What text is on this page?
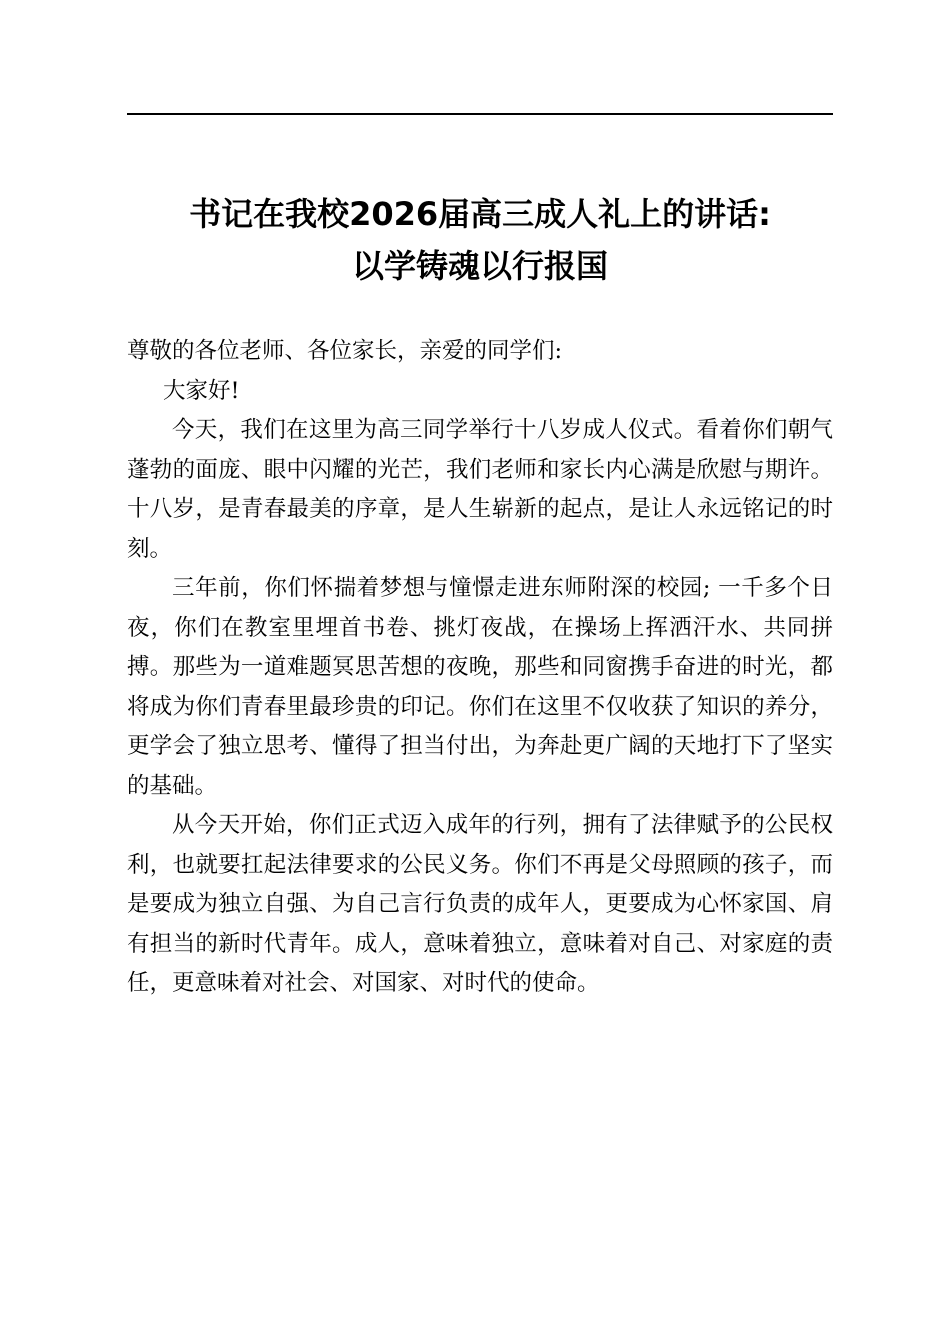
书记在我校2026届高三成人礼上的讲话:
以学铸魂以行报国

尊敬的各位老师、各位家长，亲爱的同学们:

大家好!

今天，我们在这里为高三同学举行十八岁成人仪式。看着你们朝气蓬勃的面庞、眼中闪耀的光芒，我们老师和家长内心满是欣慰与期许。十八岁，是青春最美的序章，是人生崭新的起点，是让人永远铭记的时刻。

三年前，你们怀揣着梦想与憧憬走进东师附深的校园; 一千多个日夜，你们在教室里埋首书卷、挑灯夜战，在操场上挥洒汗水、共同拼搏。那些为一道难题冥思苦想的夜晚，那些和同窗携手奋进的时光，都将成为你们青春里最珍贵的印记。你们在这里不仅收获了知识的养分，更学会了独立思考、懂得了担当付出，为奔赴更广阔的天地打下了坚实的基础。

从今天开始，你们正式迈入成年的行列，拥有了法律赋予的公民权利，也就要扛起法律要求的公民义务。你们不再是父母照顾的孩子，而是要成为独立自强、为自己言行负责的成年人，更要成为心怀家国、肩有担当的新时代青年。成人，意味着独立，意味着对自己、对家庭的责任，更意味着对社会、对国家、对时代的使命。
